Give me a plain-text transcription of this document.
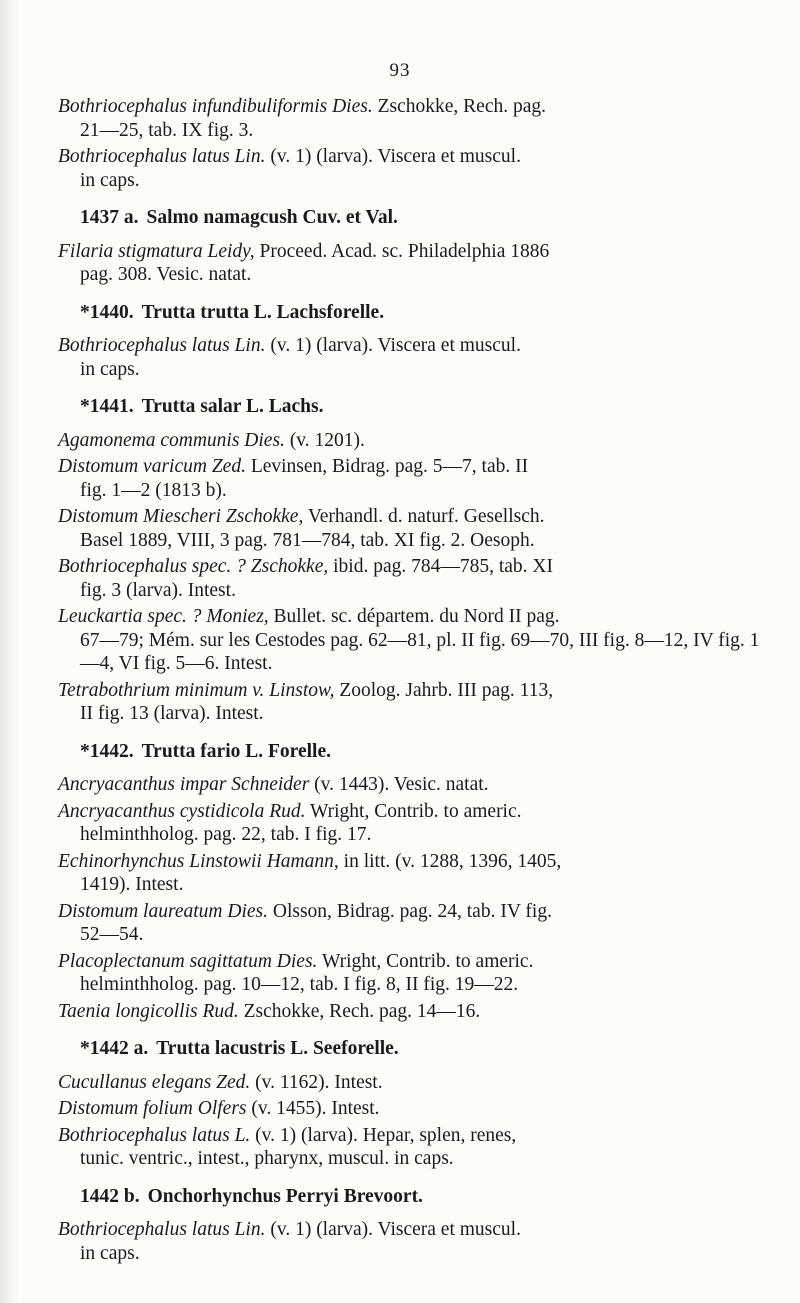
93
Bothriocephalus infundibuliformis Dies. Zschokke, Rech. pag.
21—25, tab. IX fig. 3.
Bothriocephalus latus Lin. (v. 1) (larva). Viscera et muscul.
in caps.
1437 a. Salmo namagcush Cuv. et Val.
Filaria stigmatura Leidy, Proceed. Acad. sc. Philadelphia 1886
pag. 308. Vesic. natat.
*1440. Trutta trutta L. Lachsforelle.
Bothriocephalus latus Lin. (v. 1) (larva). Viscera et muscul.
in caps.
*1441. Trutta salar L. Lachs.
Agamonema communis Dies. (v. 1201).
Distomum varicum Zed. Levinsen, Bidrag. pag. 5—7, tab. II
fig. 1—2 (1813 b).
Distomum Miescheri Zschokke, Verhandl. d. naturf. Gesellsch.
Basel 1889, VIII, 3 pag. 781—784, tab. XI fig. 2. Oesoph.
Bothriocephalus spec. ? Zschokke, ibid. pag. 784—785, tab. XI
fig. 3 (larva). Intest.
Leuckartia spec. ? Moniez, Bullet. sc. départem. du Nord II pag.
67—79; Mém. sur les Cestodes pag. 62—81, pl. II fig. 69—70, III fig. 8—12, IV fig. 1—4, VI fig. 5—6. Intest.
Tetrabothrium minimum v. Linstow, Zoolog. Jahrb. III pag. 113,
II fig. 13 (larva). Intest.
*1442. Trutta fario L. Forelle.
Ancryacanthus impar Schneider (v. 1443). Vesic. natat.
Ancryacanthus cystidicola Rud. Wright, Contrib. to americ.
helminthholog. pag. 22, tab. I fig. 17.
Echinorhynchus Linstowii Hamann, in litt. (v. 1288, 1396, 1405,
1419). Intest.
Distomum laureatum Dies. Olsson, Bidrag. pag. 24, tab. IV fig.
52—54.
Placoplectanum sagittatum Dies. Wright, Contrib. to americ.
helminthholog. pag. 10—12, tab. I fig. 8, II fig. 19—22.
Taenia longicollis Rud. Zschokke, Rech. pag. 14—16.
*1442 a. Trutta lacustris L. Seeforelle.
Cucullanus elegans Zed. (v. 1162). Intest.
Distomum folium Olfers (v. 1455). Intest.
Bothriocephalus latus L. (v. 1) (larva). Hepar, splen, renes,
tunic. ventric., intest., pharynx, muscul. in caps.
1442 b. Onchorhynchus Perryi Brevoort.
Bothriocephalus latus Lin. (v. 1) (larva). Viscera et muscul.
in caps.
